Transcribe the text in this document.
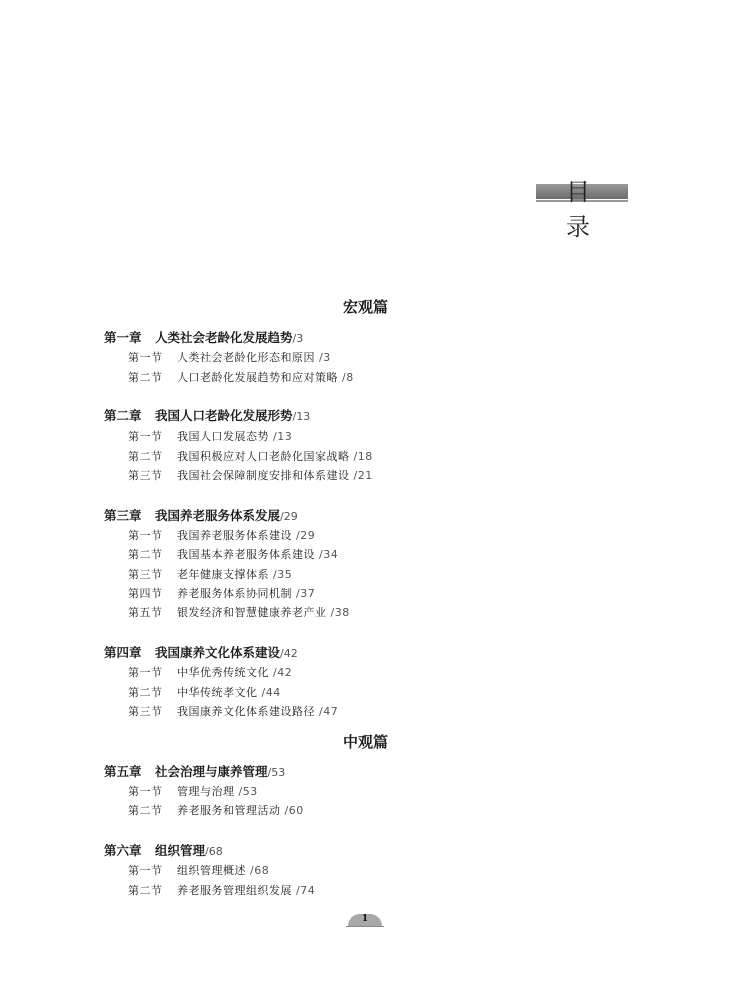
目 录
宏观篇
第一章 人类社会老龄化发展趋势/3
第一节 人类社会老龄化形态和原因 /3
第二节 人口老龄化发展趋势和应对策略 /8
第二章 我国人口老龄化发展形势/13
第一节 我国人口发展态势 /13
第二节 我国积极应对人口老龄化国家战略 /18
第三节 我国社会保障制度安排和体系建设 /21
第三章 我国养老服务体系发展/29
第一节 我国养老服务体系建设 /29
第二节 我国基本养老服务体系建设 /34
第三节 老年健康支撑体系 /35
第四节 养老服务体系协同机制 /37
第五节 银发经济和智慧健康养老产业 /38
第四章 我国康养文化体系建设/42
第一节 中华优秀传统文化 /42
第二节 中华传统孝文化 /44
第三节 我国康养文化体系建设路径 /47
中观篇
第五章 社会治理与康养管理/53
第一节 管理与治理 /53
第二节 养老服务和管理活动 /60
第六章 组织管理/68
第一节 组织管理概述 /68
第二节 养老服务管理组织发展 /74
1
